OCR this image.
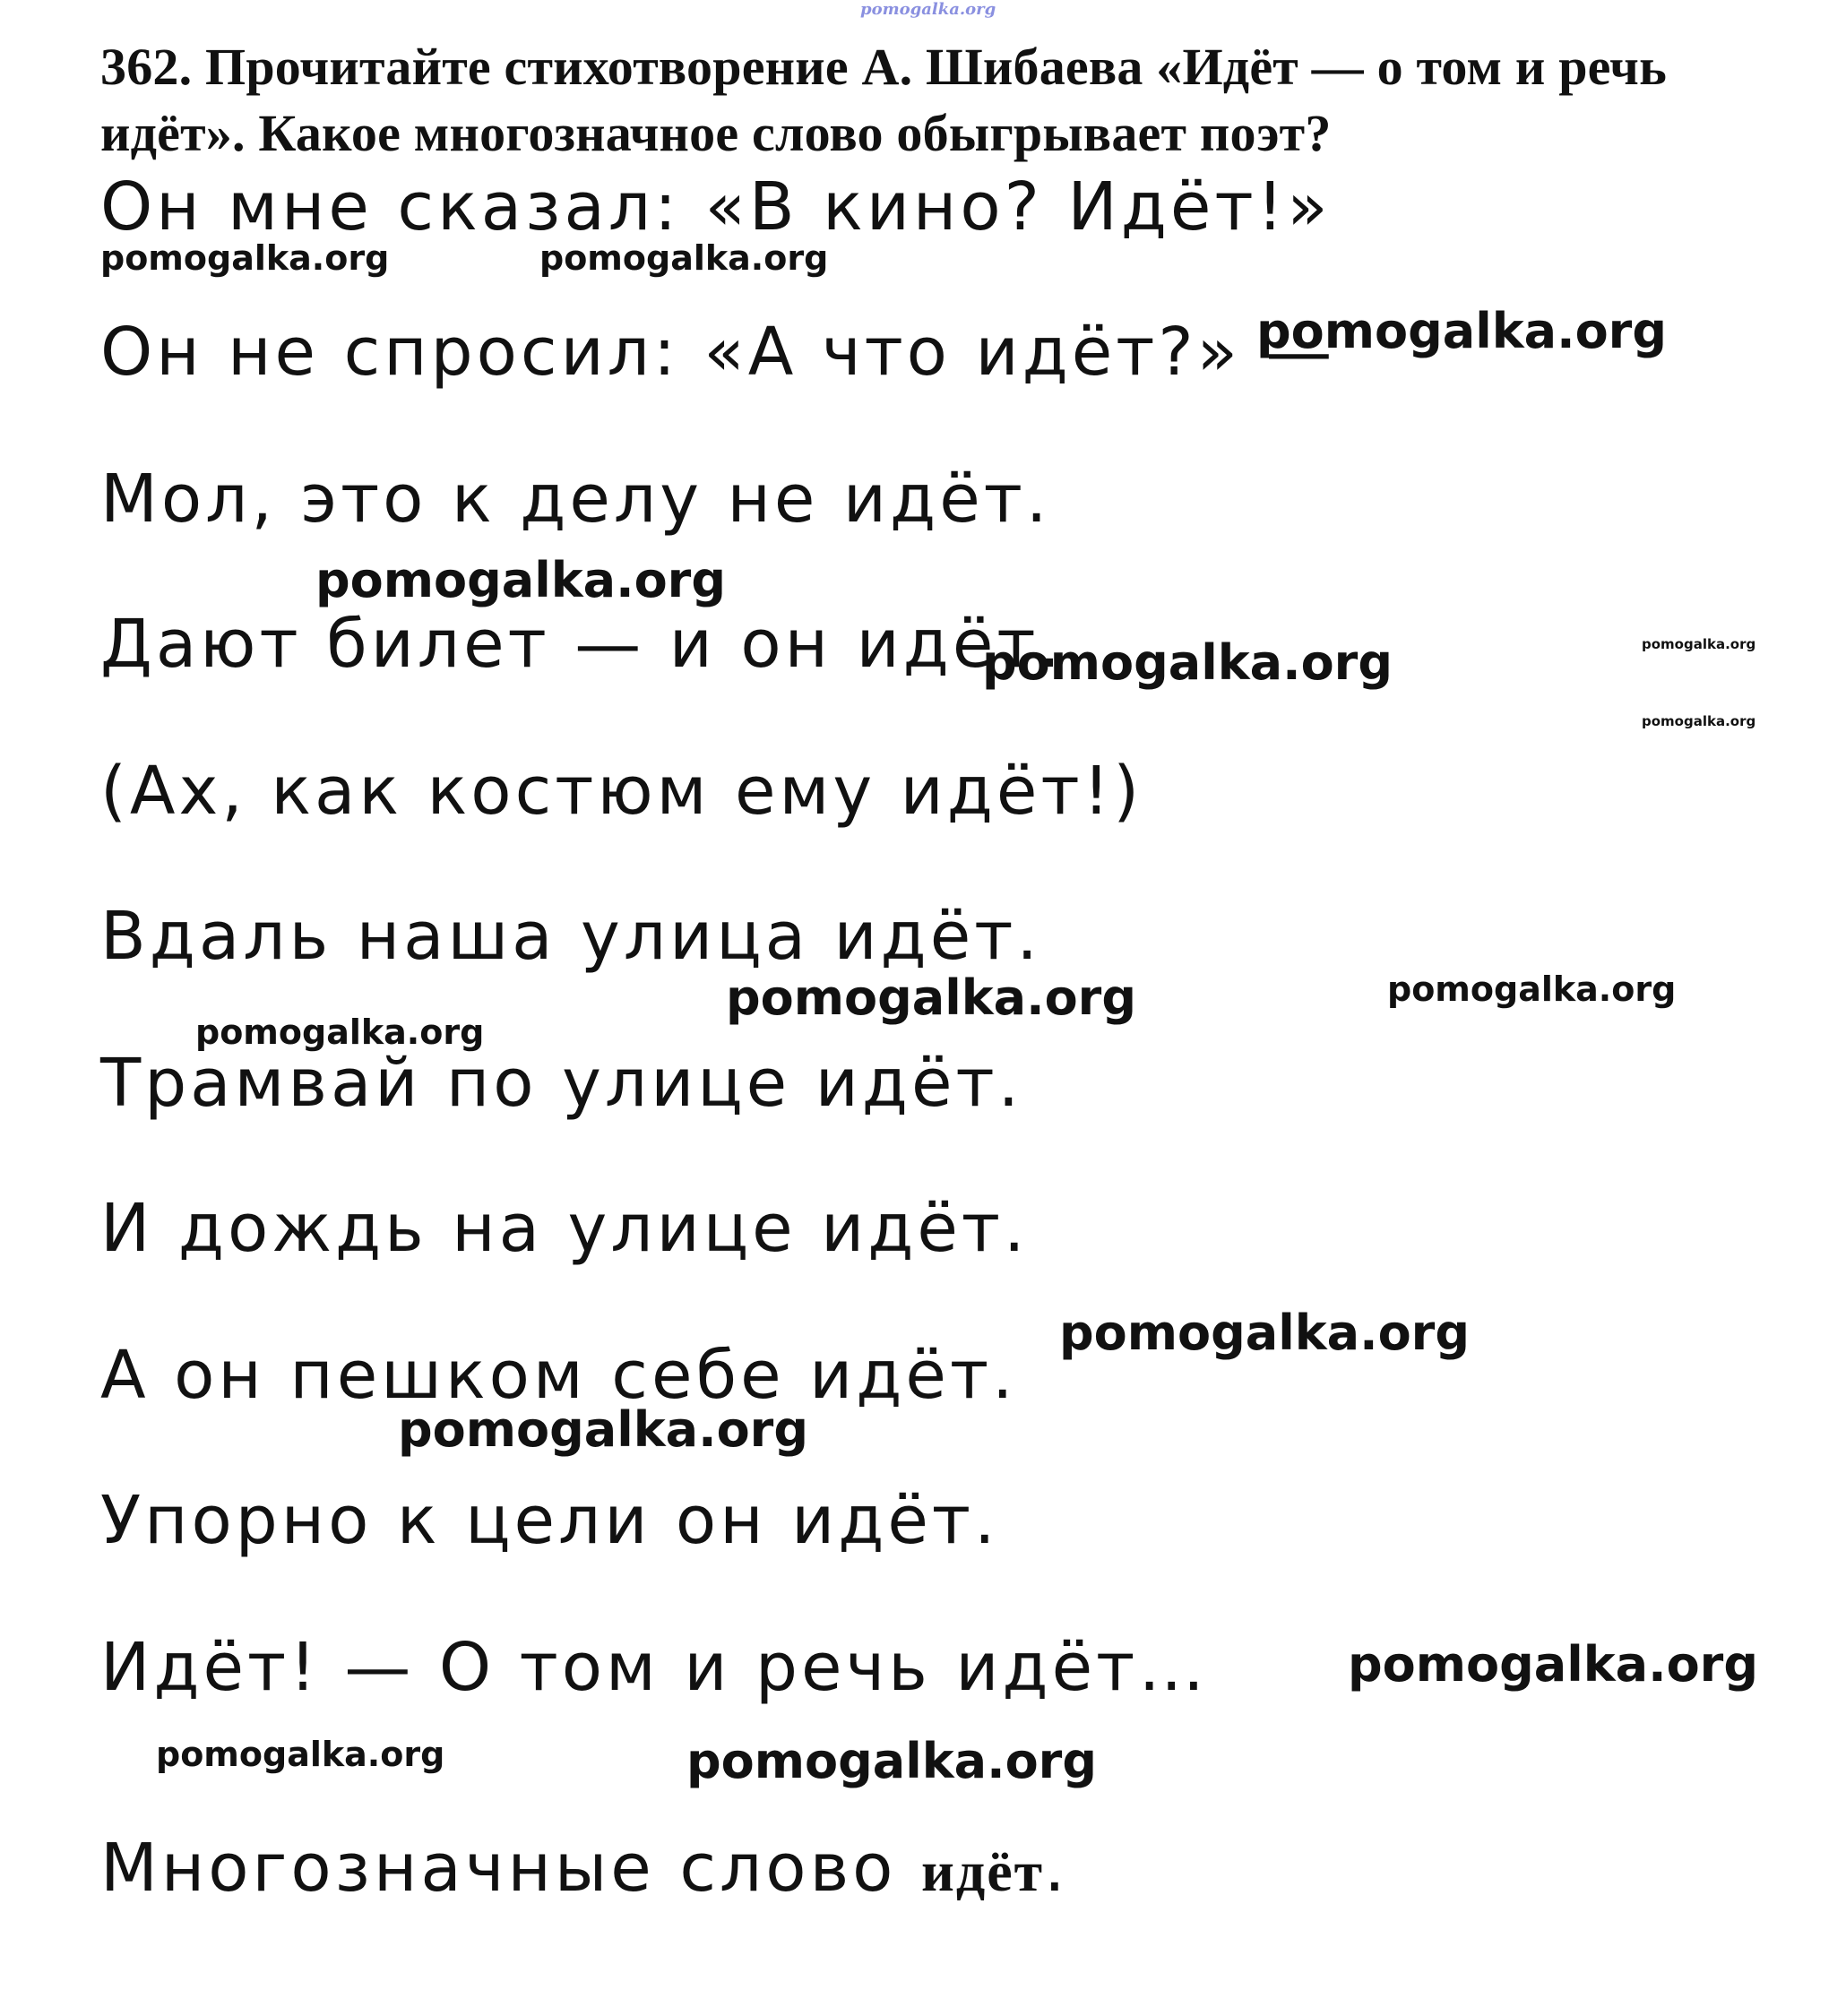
362. Прочитайте стихотворение А. Шибаева «Идёт — о том и речь идёт». Какое многозначное слово обыгрывает поэт?
Он мне сказал: «В кино? Идёт!»
Он не спросил: «А что идёт?» —
Мол, это к делу не идёт.
Дают билет — и он идёт.
(Ах, как костюм ему идёт!)
Вдаль наша улица идёт.
Трамвай по улице идёт.
И дождь на улице идёт.
А он пешком себе идёт.
Упорно к цели он идёт.
Идёт! — О том и речь идёт…
Многозначные слово идёт.
pomogalka.org
pomogalka.org	pomogalka.org
pomogalka.org
pomogalka.org
pomogalka.org	pomogalka.org
pomogalka.org
pomogalka.org	pomogalka.org
pomogalka.org
pomogalka.org
pomogalka.org
pomogalka.org
pomogalka.org	pomogalka.org
